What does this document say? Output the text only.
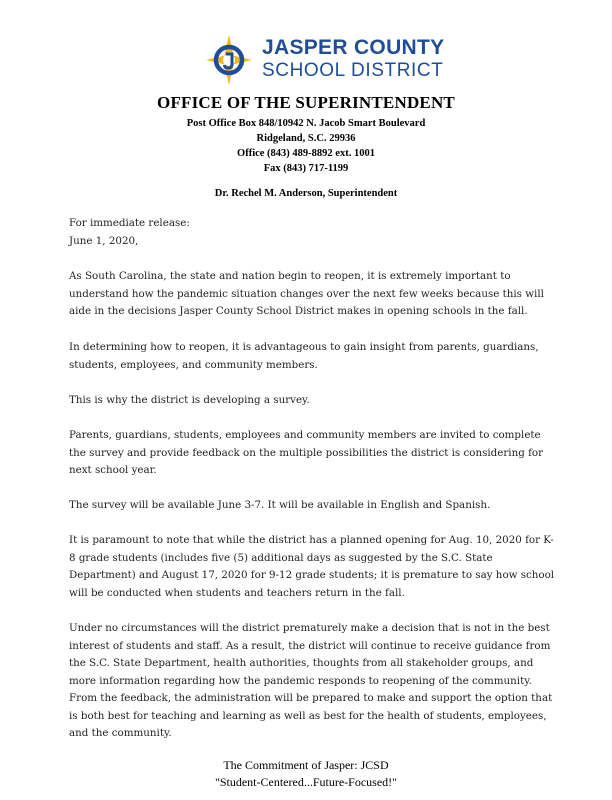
JASPER COUNTY
SCHOOL DISTRICT
OFFICE OF THE SUPERINTENDENT
Post Office Box 848/10942 N. Jacob Smart Boulevard
Ridgeland, S.C. 29936
Office (843) 489-8892 ext. 1001
Fax (843) 717-1199
Dr. Rechel M. Anderson, Superintendent
For immediate release:
June 1, 2020,

As South Carolina, the state and nation begin to reopen, it is extremely important to understand how the pandemic situation changes over the next few weeks because this will aide in the decisions Jasper County School District makes in opening schools in the fall.

In determining how to reopen, it is advantageous to gain insight from parents, guardians, students, employees, and community members.

This is why the district is developing a survey.

Parents, guardians, students, employees and community members are invited to complete the survey and provide feedback on the multiple possibilities the district is considering for next school year.

The survey will be available June 3-7. It will be available in English and Spanish.

It is paramount to note that while the district has a planned opening for Aug. 10, 2020 for K-8 grade students (includes five (5) additional days as suggested by the S.C. State Department) and August 17, 2020 for 9-12 grade students; it is premature to say how school will be conducted when students and teachers return in the fall.

Under no circumstances will the district prematurely make a decision that is not in the best interest of students and staff. As a result, the district will continue to receive guidance from the S.C. State Department, health authorities, thoughts from all stakeholder groups, and more information regarding how the pandemic responds to reopening of the community. From the feedback, the administration will be prepared to make and support the option that is both best for teaching and learning as well as best for the health of students, employees, and the community.

The Commitment of Jasper: JCSD
"Student-Centered...Future-Focused!"
